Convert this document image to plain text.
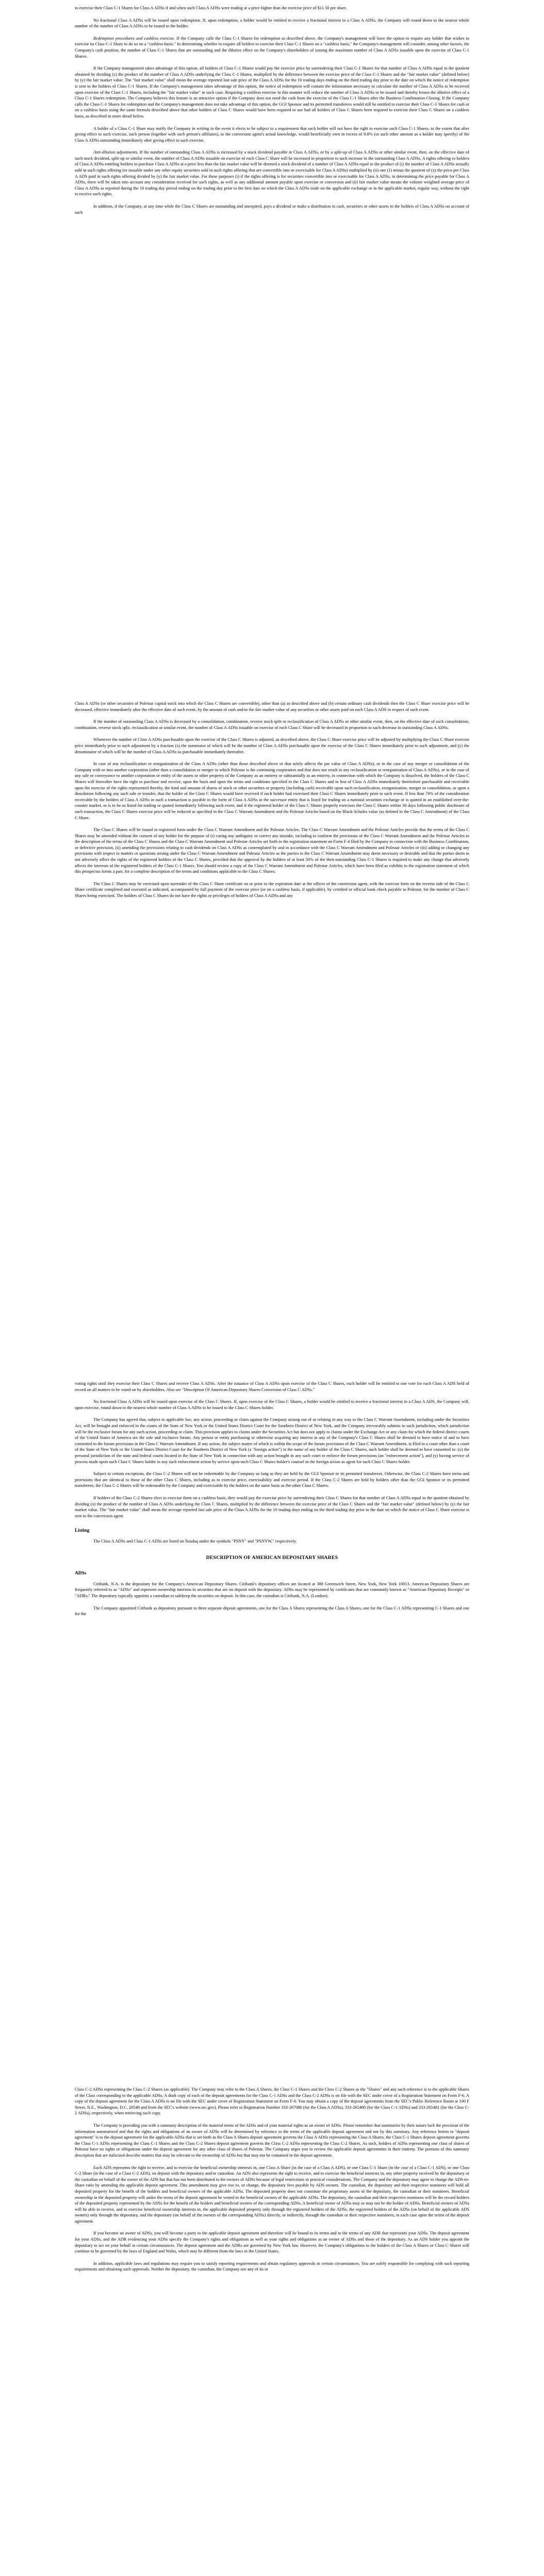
to exercise their Class C-1 Shares for Class A ADSs if and when such Class A ADSs were trading at a price higher than the exercise price of $11.50 per share.

No fractional Class A ADSs will be issued upon redemption. If, upon redemption, a holder would be entitled to receive a fractional interest in a Class A ADSs, the Company will round down to the nearest whole number of the number of Class A ADSs to be issued to the holder.

Redemption procedures and cashless exercise. If the Company calls the Class C-1 Shares for redemption as described above, the Company's management will have the option to require any holder that wishes to exercise its Class C-1 Share to do so on a "cashless basis." In determining whether to require all holders to exercise their Class C-1 Shares on a "cashless basis," the Company's management will consider, among other factors, the Company's cash position, the number of Class C-1 Shares that are outstanding and the dilutive effect on the Company's shareholders of issuing the maximum number of Class A ADSs issuable upon the exercise of Class C-1 Shares.

If the Company management takes advantage of this option, all holders of Class C-1 Shares would pay the exercise price by surrendering their Class C-1 Shares for that number of Class A ADSs equal to the quotient obtained by dividing (x) the product of the number of Class A ADSs underlying the Class C-1 Shares, multiplied by the difference between the exercise price of the Class C-1 Shares and the "fair market value" (defined below) by (y) the fair market value. The "fair market value" shall mean the average reported last sale price of the Class A ADSs for the 10 trading days ending on the third trading day prior to the date on which the notice of redemption is sent to the holders of Class C-1 Shares. If the Company's management takes advantage of this option, the notice of redemption will contain the information necessary to calculate the number of Class A ADSs to be received upon exercise of the Class C-1 Shares, including the "fair market value" in such case. Requiring a cashless exercise in this manner will reduce the number of Class A ADSs to be issued and thereby lessen the dilutive effect of a Class C-1 Shares redemption. The Company believes this feature is an attractive option if the Company does not need the cash from the exercise of the Class C-1 Shares after the Business Combination Closing. If the Company calls the Class C-1 Shares for redemption and the Company's management does not take advantage of this option, the GGI Sponsor and its permitted transferees would still be entitled to exercise their Class C-1 Shares for cash or on a cashless basis using the same formula described above that other holders of Class C Shares would have been required to use had all holders of Class C Shares been required to exercise their Class C Shares on a cashless basis, as described in more detail below.

A holder of a Class C-1 Share may notify the Company in writing in the event it elects to be subject to a requirement that such holder will not have the right to exercise such Class C-1 Shares, to the extent that after giving effect to such exercise, such person (together with such person's affiliates), to the conversion agent's actual knowledge, would beneficially own in excess of 9.8% (or such other amount as a holder may specify) of the Class A ADSs outstanding immediately after giving effect to such exercise.

Anti-dilution adjustments. If the number of outstanding Class A ADSs is increased by a stock dividend payable in Class A ADSs, or by a split-up of Class A ADSs or other similar event, then, on the effective date of such stock dividend, split-up or similar event, the number of Class A ADSs issuable on exercise of each Class C Share will be increased in proportion to such increase in the outstanding Class A ADSs. A rights offering to holders of Class A ADSs entitling holders to purchase Class A ADSs at a price less than the fair market value will be deemed a stock dividend of a number of Class A ADSs equal to the product of (i) the number of Class A ADSs actually sold in such rights offering (or issuable under any other equity securities sold in such rights offering that are convertible into or exercisable for Class A ADSs) multiplied by (ii) one (1) minus the quotient of (x) the price per Class A ADS paid in such rights offering divided by (y) the fair market value. For these purposes (i) if the rights offering is for securities convertible into or exercisable for Class A ADSs, in determining the price payable for Class A ADSs, there will be taken into account any consideration received for such rights, as well as any additional amount payable upon exercise or conversion and (ii) fair market value means the volume weighted average price of Class A ADSs as reported during the 10 trading day period ending on the trading day prior to the first date on which the Class A ADSs trade on the applicable exchange or in the applicable market, regular way, without the right to receive such rights.

In addition, if the Company, at any time while the Class C Shares are outstanding and unexpired, pays a dividend or make a distribution in cash, securities or other assets to the holders of Class A ADSs on account of such

Class A ADSs (or other securities of Polestar capital stock into which the Class C Shares are convertible), other than (a) as described above and (b) certain ordinary cash dividends then the Class C Share exercise price will be decreased, effective immediately after the effective date of such event, by the amount of cash and/or the fair market value of any securities or other assets paid on each Class A ADS in respect of such event.

If the number of outstanding Class A ADSs is decreased by a consolidation, combination, reverse stock split or reclassification of Class A ADSs or other similar event, then, on the effective date of such consolidation, combination, reverse stock split, reclassification or similar event, the number of Class A ADSs issuable on exercise of each Class C Share will be decreased in proportion to such decrease in outstanding Class A ADSs.

Whenever the number of Class A ADSs purchasable upon the exercise of the Class C Shares is adjusted, as described above, the Class C Share exercise price will be adjusted by multiplying the Class C Share exercise price immediately prior to such adjustment by a fraction (x) the numerator of which will be the number of Class A ADSs purchasable upon the exercise of the Class C Shares immediately prior to such adjustment, and (y) the denominator of which will be the number of Class A ADSs so purchasable immediately thereafter.

In case of any reclassification or reorganization of the Class A ADSs (other than those described above or that solely affects the par value of Class A ADSs), or in the case of any merger or consolidation of the Company with or into another corporation (other than a consolidation or merger in which Polestar is the continuing corporation and that does not result in any reclassification or reorganization of Class A ADSs), or in the case of any sale or conveyance to another corporation or entity of the assets or other property of the Company as an entirety or substantially as an entirety, in connection with which the Company is dissolved, the holders of the Class C Shares will thereafter have the right to purchase and receive, upon the basis and upon the terms and conditions specified in the Class C Shares and in lieu of Class A ADSs immediately theretofore purchasable and receivable upon the exercise of the rights represented thereby, the kind and amount of shares of stock or other securities or property (including cash) receivable upon such reclassification, reorganization, merger or consolidation, or upon a dissolution following any such sale or transfer, that the holder of the Class C Shares would have received if such holder had exercised their Class C Shares immediately prior to such event. If less than 70% of the consideration receivable by the holders of Class A ADSs in such a transaction is payable in the form of Class A ADSs in the successor entity that is listed for trading on a national securities exchange or is quoted in an established over-the-counter market, or is to be so listed for trading or quoted immediately following such event, and if the registered holder of the Class C Shares properly exercises the Class C Shares within 30 days following public disclosure of such transaction, the Class C Shares exercise price will be reduced as specified in the Class C Warrant Amendment and the Polestar Articles based on the Black-Scholes value (as defined in the Class C Amendment) of the Class C Share.

The Class C Shares will be issued in registered form under the Class C Warrant Amendment and the Polestar Articles. The Class C Warrant Amendment and the Polestar Articles provide that the terms of the Class C Shares may be amended without the consent of any holder for the purpose of (i) curing any ambiguity or correct any mistake, including to conform the provisions of the Class C Warrant Amendment and the Polestar Articles to the description of the terms of the Class C Shares and the Class C Warrant Amendment and Polestar Articles set forth in the registration statement on Form F-4 filed by the Company in connection with the Business Combination, or defective provision, (ii) amending the provisions relating to cash dividends on Class A ADSs as contemplated by and in accordance with the Class C Warrant Amendment and Polestar Articles or (iii) adding or changing any provisions with respect to matters or questions arising under the Class C Warrant Amendment and Polestar Articles as the parties to the Class C Warrant Amendment may deem necessary or desirable and that the parties deem to not adversely affect the rights of the registered holders of the Class C Shares, provided that the approval by the holders of at least 50% of the then-outstanding Class C-1 Shares is required to make any change that adversely affects the interests of the registered holders of the Class C-1 Shares. You should review a copy of the Class C Warrant Amendment and Polestar Articles, which have been filed as exhibits to the registration statement of which this prospectus forms a part, for a complete description of the terms and conditions applicable to the Class C Shares.

The Class C Shares may be exercised upon surrender of the Class C Share certificate on or prior to the expiration date at the offices of the conversion agent, with the exercise form on the reverse side of the Class C Share certificate completed and executed as indicated, accompanied by full payment of the exercise price (or on a cashless basis, if applicable), by certified or official bank check payable to Polestar, for the number of Class C Shares being exercised. The holders of Class C Shares do not have the rights or privileges of holders of Class A ADSs and any

voting rights until they exercise their Class C Shares and receive Class A ADSs. After the issuance of Class A ADSs upon exercise of the Class C Shares, each holder will be entitled to one vote for each Class A ADS held of record on all matters to be voted on by shareholders. Also see "Description Of American Depositary Shares-Conversion of Class C ADSs."

No fractional Class A ADSs will be issued upon exercise of the Class C Shares. If, upon exercise of the Class C Shares, a holder would be entitled to receive a fractional interest in a Class A ADS, the Company will, upon exercise, round down to the nearest whole number of Class A ADSs to be issued to the Class C Shares holder.

The Company has agreed that, subject to applicable law, any action, proceeding or claim against the Company arising out of or relating in any way to the Class C Warrant Amendment, including under the Securities Act, will be brought and enforced in the courts of the State of New York or the United States District Court for the Southern District of New York, and the Company irrevocably submits to such jurisdiction, which jurisdiction will be the exclusive forum for any such action, proceeding or claim. This provision applies to claims under the Securities Act but does not apply to claims under the Exchange Act or any claim for which the federal district courts of the United States of America are the sole and exclusive forum. Any person or entity purchasing or otherwise acquiring any interest in any of the Company's Class C Shares shall be deemed to have notice of and to have consented to the forum provisions in the Class C Warrant Amendment. If any action, the subject matter of which is within the scope of the forum provisions of the Class C Warrant Amendment, is filed in a court other than a court of the State of New York or the United States District Court for the Southern District of New York (a "foreign action") in the name of any holder of the Class C Shares, such holder shall be deemed to have consented to: (x) the personal jurisdiction of the state and federal courts located in the State of New York in connection with any action brought in any such court to enforce the forum provisions (an "enforcement action"), and (y) having service of process made upon such Class C Shares holder in any such enforcement action by service upon such Class C Shares holder's counsel in the foreign action as agent for such Class C Shares holder.

Subject to certain exceptions, the Class C-2 Shares will not be redeemable by the Company so long as they are held by the GGI Sponsor or its permitted transferees. Otherwise, the Class C-2 Shares have terms and provisions that are identical to those of the other Class C Shares, including as to exercise price, exercisability and exercise period. If the Class C-2 Shares are held by holders other than the GGI Sponsor or its permitted transferees, the Class C-2 Shares will be redeemable by the Company and exercisable by the holders on the same basis as the other Class C Shares.

If holders of the Class C-2 Shares elect to exercise them on a cashless basis, they would pay the exercise price by surrendering their Class C Shares for that number of Class A ADSs equal to the quotient obtained by dividing (x) the product of the number of Class A ADSs underlying the Class C Shares, multiplied by the difference between the exercise price of the Class C Shares and the "fair market value" (defined below) by (y) the fair market value. The "fair market value" shall mean the average reported last sale price of the Class A ADSs for the 10 trading days ending on the third trading day prior to the date on which the notice of Class C Share exercise is sent to the conversion agent.

Listing

The Class A ADSs and Class C-1 ADSs are listed on Nasdaq under the symbols "PSNY" and "PSNYW," respectively.

DESCRIPTION OF AMERICAN DEPOSITARY SHARES

ADSs

Citibank, N.A. is the depositary for the Company's American Depositary Shares. Citibank's depositary offices are located at 388 Greenwich Street, New York, New York 10013. American Depositary Shares are frequently referred to as "ADSs" and represent ownership interests in securities that are on deposit with the depositary. ADSs may be represented by certificates that are commonly known as "American Depositary Receipts" or "ADRs." The depositary typically appoints a custodian to safekeep the securities on deposit. In this case, the custodian is Citibank, N.A. (London).

The Company appointed Citibank as depositary pursuant to three separate deposit agreements, one for the Class A Shares representing the Class A Shares, one for the Class C-1 ADSs representing C-1 Shares and one for the

Class C-2 ADSs representing the Class C-2 Shares (as applicable). The Company may refer to the Class A Shares, the Class C-1 Shares and the Class C-2 Shares as the "Shares" and any such reference is to the applicable Shares of the Class corresponding to the applicable ADSs. A draft copy of each of the deposit agreements for the Class C-1 ADSs and the Class C-2 ADSs is on file with the SEC under cover of a Registration Statement on Form F-6. A copy of the deposit agreement for the Class A ADSs is on file with the SEC under cover of Registration Statement on Form F-6. You may obtain a copy of the deposit agreements from the SEC's Public Reference Room at 100 F Street, N.E., Washington, D.C. 20549 and from the SEC's website (www.sec.gov). Please refer to Registration Number 333-267086 (for the Class A ADSs), 333-265480 (for the Class C-1 ADSs) and 333-265481 (for the Class C-2 ADSs), respectively, when retrieving such copy.

The Company is providing you with a summary description of the material terms of the ADSs and of your material rights as an owner of ADSs. Please remember that summaries by their nature lack the precision of the information summarized and that the rights and obligations of an owner of ADSs will be determined by reference to the terms of the applicable deposit agreement and not by this summary. Any reference herein to "deposit agreement" is to the deposit agreement for the applicable ADSs that is set forth in the Class A Shares deposit agreement governs the Class A ADSs representing the Class A Shares, the Class C-1 Shares deposit agreement governs the Class C-1 ADSs representing the Class C-1 Shares and the Class C-2 Shares deposit agreement governs the Class C-2 ADSs representing the Class C-2 Shares. As such, holders of ADSs representing one class of shares of Polestar have no rights or obligations under the deposit agreement for any other class of shares of Polestar. The Company urges you to review the applicable deposit agreements in their entirety. The portions of this summary description that are italicized describe matters that may be relevant to the ownership of ADSs but that may not be contained in the deposit agreement.

Each ADS represents the right to receive, and to exercise the beneficial ownership interests in, one Class A Share (in the case of a Class A ADS), or one Class C-1 Share (in the case of a Class C-1 ADS), or one Class C-2 Share (in the case of a Class C-2 ADS), on deposit with the depositary and/or custodian. An ADS also represents the right to receive, and to exercise the beneficial interests in, any other property received by the depositary or the custodian on behalf of the owner of the ADS but that has not been distributed to the owners of ADSs because of legal restrictions or practical considerations. The Company and the depositary may agree to change the ADS-to-Share ratio by amending the applicable deposit agreement. This amendment may give rise to, or change, the depositary fees payable by ADS owners. The custodian, the depositary and their respective nominees will hold all deposited property for the benefit of the holders and beneficial owners of the applicable ADSs. The deposited property does not constitute the proprietary assets of the depositary, the custodian or their nominees. Beneficial ownership in the deposited property will under the terms of the deposit agreement be vested in the beneficial owners of the applicable ADSs. The depositary, the custodian and their respective nominees will be the record holders of the deposited property represented by the ADSs for the benefit of the holders and beneficial owners of the corresponding ADSs. A beneficial owner of ADSs may or may not be the holder of ADSs. Beneficial owners of ADSs will be able to receive, and to exercise beneficial ownership interests in, the applicable deposited property only through the registered holders of the ADSs, the registered holders of the ADSs (on behalf of the applicable ADS owners) only through the depositary, and the depositary (on behalf of the owners of the corresponding ADSs) directly, or indirectly, through the custodian or their respective nominees, in each case upon the terms of the deposit agreement.

If you become an owner of ADSs, you will become a party to the applicable deposit agreement and therefore will be bound to its terms and to the terms of any ADR that represents your ADSs. The deposit agreement for your ADSs, and the ADR evidencing your ADSs specify the Company's rights and obligations as well as your rights and obligations as an owner of ADSs and those of the depositary. As an ADS holder you appoint the depositary to act on your behalf in certain circumstances. The deposit agreement and the ADRs are governed by New York law. However, the Company's obligations to the holders of the Class A Shares or Class C Shares will continue to be governed by the laws of England and Wales, which may be different from the laws in the United States.

In addition, applicable laws and regulations may require you to satisfy reporting requirements and obtain regulatory approvals in certain circumstances. You are solely responsible for complying with such reporting requirements and obtaining such approvals. Neither the depositary, the custodian, the Company nor any of its or
